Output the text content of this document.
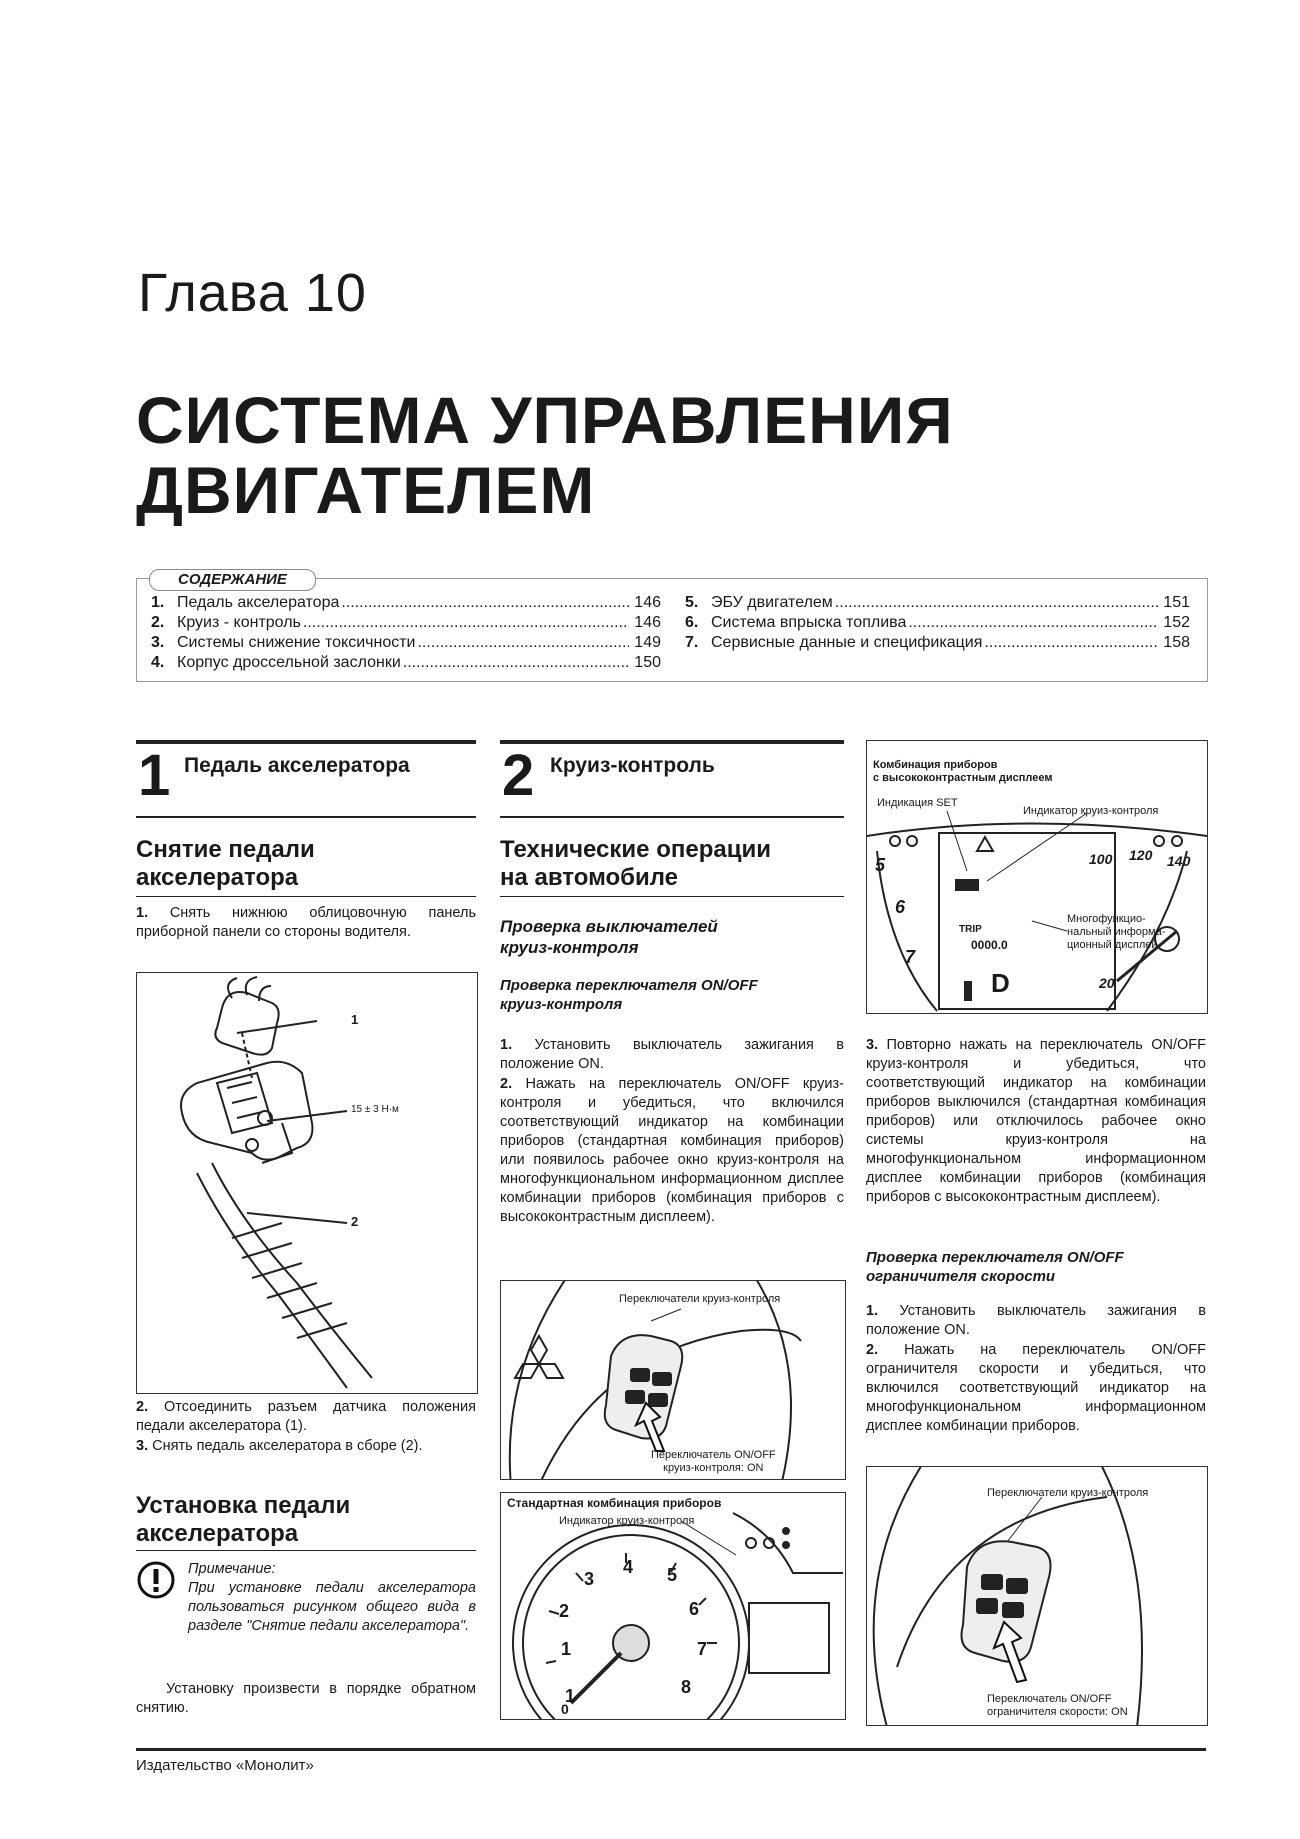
Глава 10
СИСТЕМА УПРАВЛЕНИЯ
ДВИГАТЕЛЕМ
СОДЕРЖАНИЕ
1. Педаль акселератора .....	146
2. Круиз - контроль .....	146
3. Системы снижение токсичности .....	149
4. Корпус дроссельной заслонки .....	150
5. ЭБУ двигателем .....	151
6. Система впрыска топлива .....	152
7. Сервисные данные и спецификация .....	158
1 Педаль акселератора
Снятие педали
акселератора
1. Снять нижнюю облицовочную панель приборной панели со стороны водителя.
1
15 ± 3 Н·м
2
2. Отсоединить разъем датчика положения педали акселератора (1).
3. Снять педаль акселератора в сборе (2).
Установка педали
акселератора
Примечание:
При установке педали акселератора пользоваться рисунком общего вида в разделе "Снятие педали акселератора".
Установку произвести в порядке обратном снятию.
2 Круиз-контроль
Технические операции
на автомобиле
Проверка выключателей
круиз-контроля
Проверка переключателя ON/OFF
круиз-контроля
1. Установить выключатель зажигания в положение ON.
2. Нажать на переключатель ON/OFF круиз-контроля и убедиться, что включился соответствующий индикатор на комбинации приборов (стандартная комбинация приборов) или появилось рабочее окно круиз-контроля на многофункциональном информационном дисплее комбинации приборов (комбинация приборов с высококонтрастным дисплеем).
Переключатели круиз-контроля
Переключатель ON/OFF
круиз-контроля: ON
Стандартная комбинация приборов
Индикатор круиз-контроля
1
1
2
3
4 5
6
7
8
0
Комбинация приборов
с высококонтрастным дисплеем
Индикация SET
Индикатор круиз-контроля
Многофункцио-
нальный информа-
ционный дисплей
TRIP
0000.0
D
100 120 140
5
6
7
20
3. Повторно нажать на переключатель ON/OFF круиз-контроля и убедиться, что соответствующий индикатор на комбинации приборов выключился (стандартная комбинация приборов) или отключилось рабочее окно системы круиз-контроля на многофункциональном информационном дисплее комбинации приборов (комбинация приборов с высококонтрастным дисплеем).
Проверка переключателя ON/OFF
ограничителя скорости
1. Установить выключатель зажигания в положение ON.
2. Нажать на переключатель ON/OFF ограничителя скорости и убедиться, что включился соответствующий индикатор на многофункциональном информационном дисплее комбинации приборов.
Переключатели круиз-контроля
Переключатель ON/OFF
ограничителя скорости: ON
Издательство «Монолит»
